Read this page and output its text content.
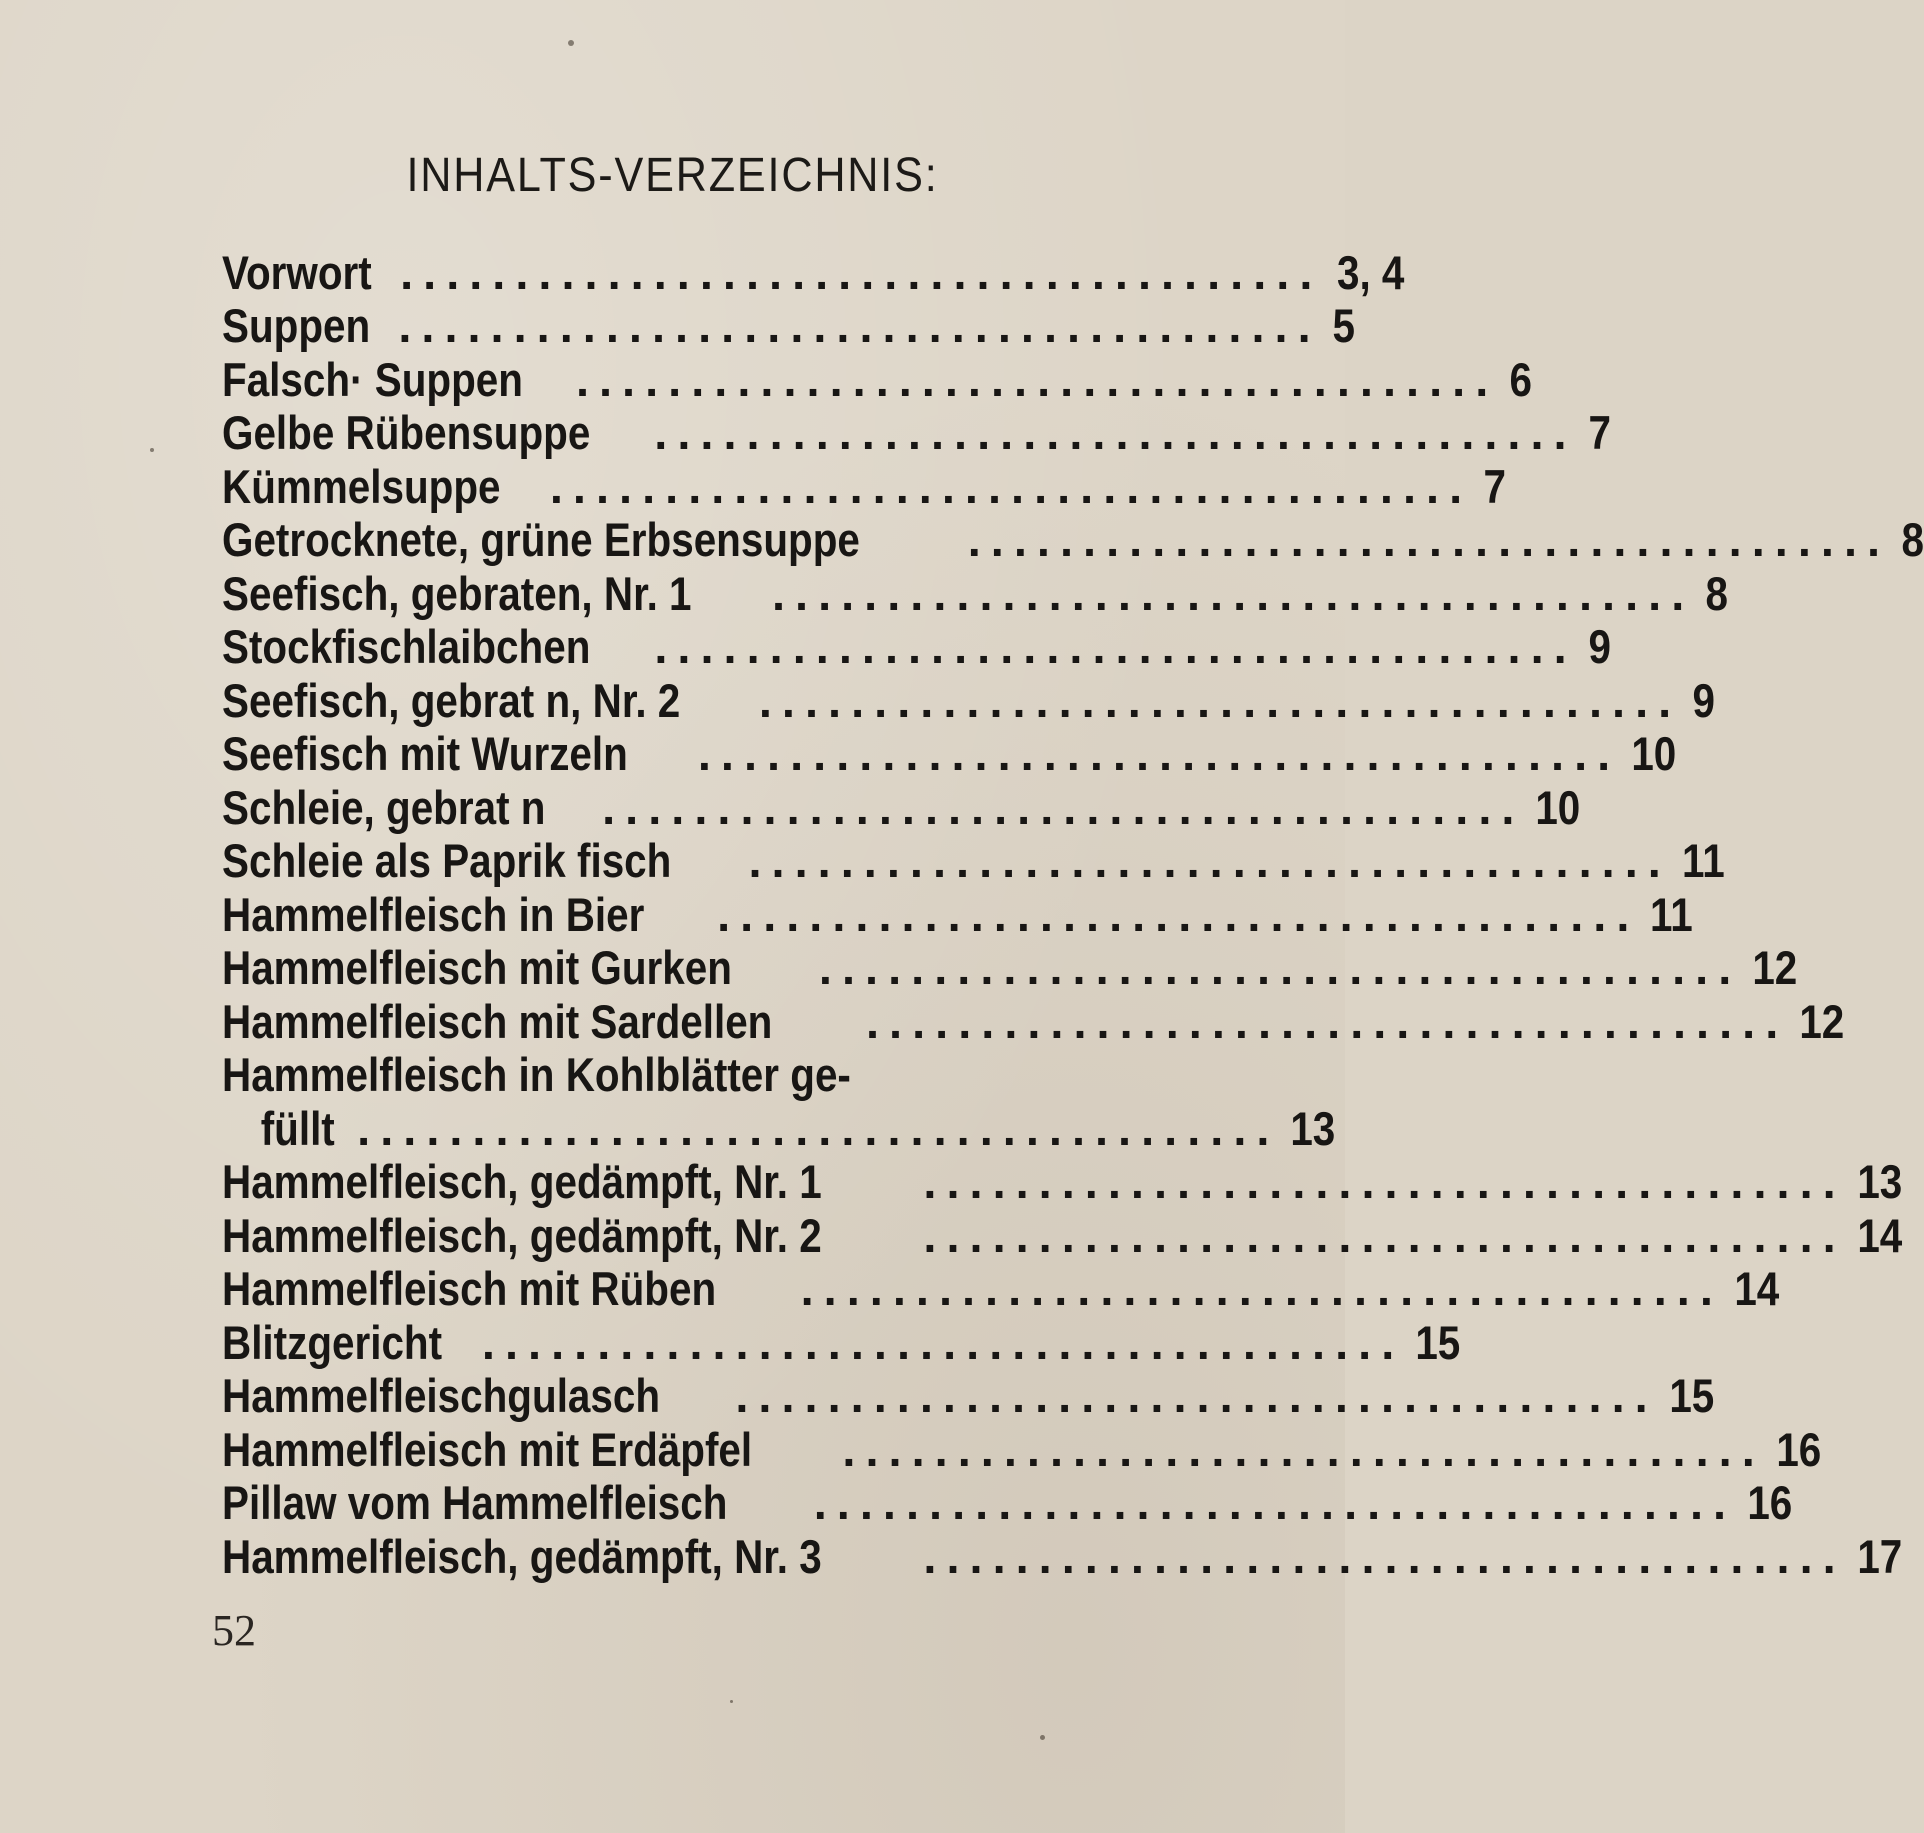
INHALTS-VERZEICHNIS:
Vorwort ........................................ 3, 4
Suppen ........................................ 5
Falsch· Suppen ........................................ 6
Gelbe Rübensuppe ........................................ 7
Kümmelsuppe ........................................ 7
Getrocknete, grüne Erbsensuppe ........................................ 8
Seefisch, gebraten, Nr. 1 ........................................ 8
Stockfischlaibchen ........................................ 9
Seefisch, gebrat n, Nr. 2 ........................................ 9
Seefisch mit Wurzeln ........................................ 10
Schleie, gebrat n ........................................ 10
Schleie als Paprik fisch ........................................ 11
Hammelfleisch in Bier ........................................ 11
Hammelfleisch mit Gurken ........................................ 12
Hammelfleisch mit Sardellen ........................................ 12
Hammelfleisch in Kohlblätter ge-
füllt ........................................ 13
Hammelfleisch, gedämpft, Nr. 1 ........................................ 13
Hammelfleisch, gedämpft, Nr. 2 ........................................ 14
Hammelfleisch mit Rüben ........................................ 14
Blitzgericht ........................................ 15
Hammelfleischgulasch ........................................ 15
Hammelfleisch mit Erdäpfel ........................................ 16
Pillaw vom Hammelfleisch ........................................ 16
Hammelfleisch, gedämpft, Nr. 3 ........................................ 17
52
